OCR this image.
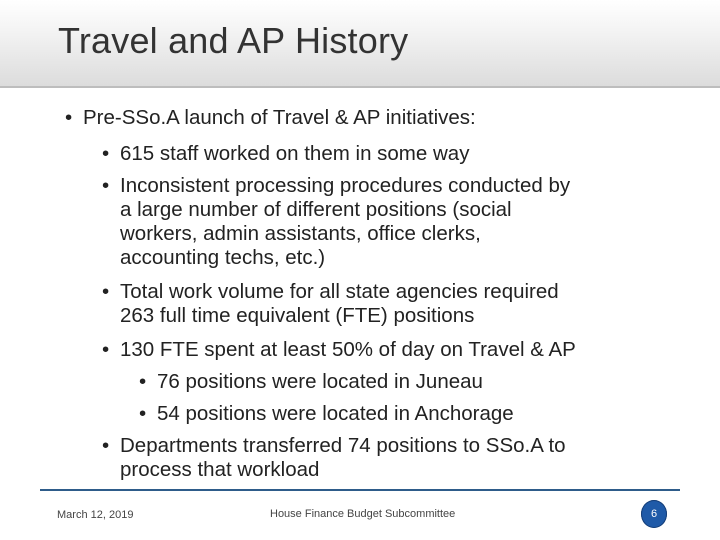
Travel and AP History
• Pre-SSo.A launch of Travel & AP initiatives:
• 615 staff worked on them in some way
• Inconsistent processing procedures conducted by
a large number of different positions (social
workers, admin assistants, office clerks,
accounting techs, etc.)
• Total work volume for all state agencies required
263 full time equivalent (FTE) positions
• 130 FTE spent at least 50% of day on Travel & AP
• 76 positions were located in Juneau
• 54 positions were located in Anchorage
• Departments transferred 74 positions to SSo.A to
process that workload
March 12, 2019	House Finance Budget Subcommittee	6
